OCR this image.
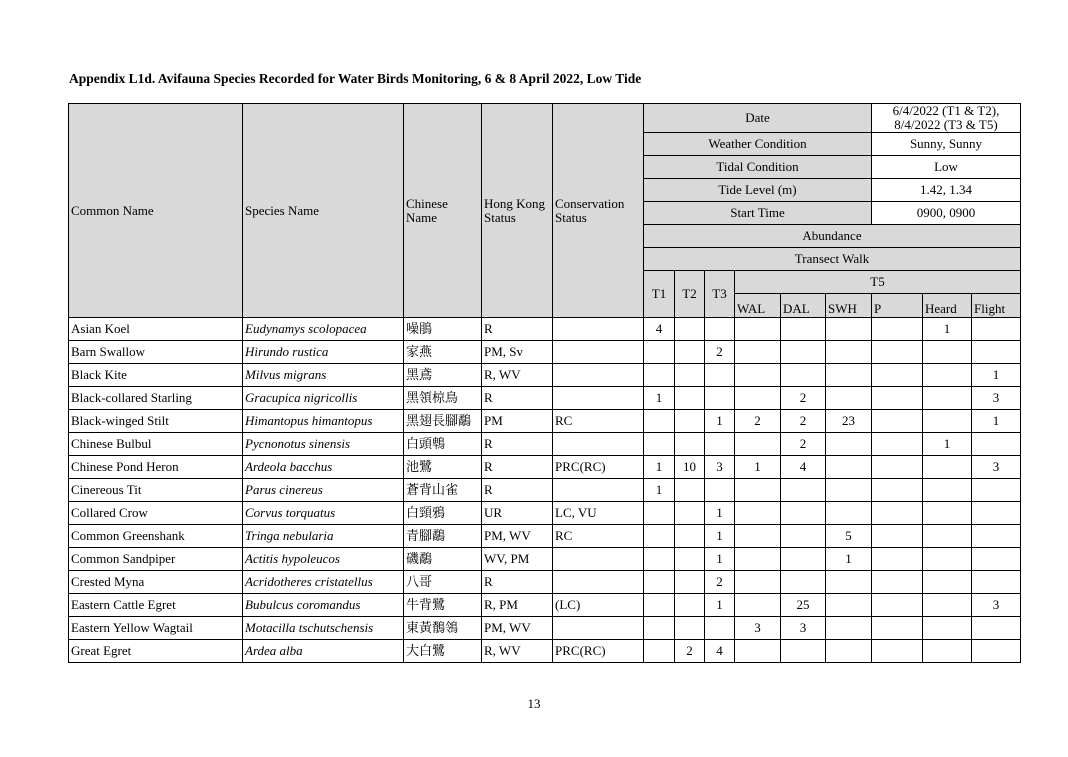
Appendix L1d. Avifauna Species Recorded for Water Birds Monitoring, 6 & 8 April 2022, Low Tide
Common Name	Species Name	Chinese Name	Hong Kong Status	Conservation Status	Date						6/4/2022 (T1 & T2), 8/4/2022 (T3 & T5)		

					Weather Condition						Sunny, Sunny		
					Tidal Condition						Low		
					Tide Level (m)						1.42, 1.34		
					Start Time						0900, 0900		
					Abundance								
					Transect Walk								
					T1	T2	T3	T5					
								WAL	DAL	SWH	P	Heard	Flight
Asian Koel	Eudynamys scolopacea	噪鵑	R		4							1	
Barn Swallow	Hirundo rustica	家燕	PM, Sv				2						
Black Kite	Milvus migrans	黑鳶	R, WV										1
Black-collared Starling	Gracupica nigricollis	黑領椋鳥	R		1				2				3
Black-winged Stilt	Himantopus himantopus	黑翅長腳鷸	PM	RC			1	2	2	23			1
Chinese Bulbul	Pycnonotus sinensis	白頭鵯	R						2			1	
Chinese Pond Heron	Ardeola bacchus	池鷺	R	PRC(RC)	1	10	3	1	4				3
Cinereous Tit	Parus cinereus	蒼背山雀	R		1								
Collared Crow	Corvus torquatus	白頸鴉	UR	LC, VU			1						
Common Greenshank	Tringa nebularia	青腳鷸	PM, WV	RC			1			5			
Common Sandpiper	Actitis hypoleucos	磯鷸	WV, PM				1			1			
Crested Myna	Acridotheres cristatellus	八哥	R				2						
Eastern Cattle Egret	Bubulcus coromandus	牛背鷺	R, PM	(LC)			1		25				3
Eastern Yellow Wagtail	Motacilla tschutschensis	東黃鶺鴒	PM, WV					3	3				
Great Egret	Ardea alba	大白鷺	R, WV	PRC(RC)		2	4						
13
